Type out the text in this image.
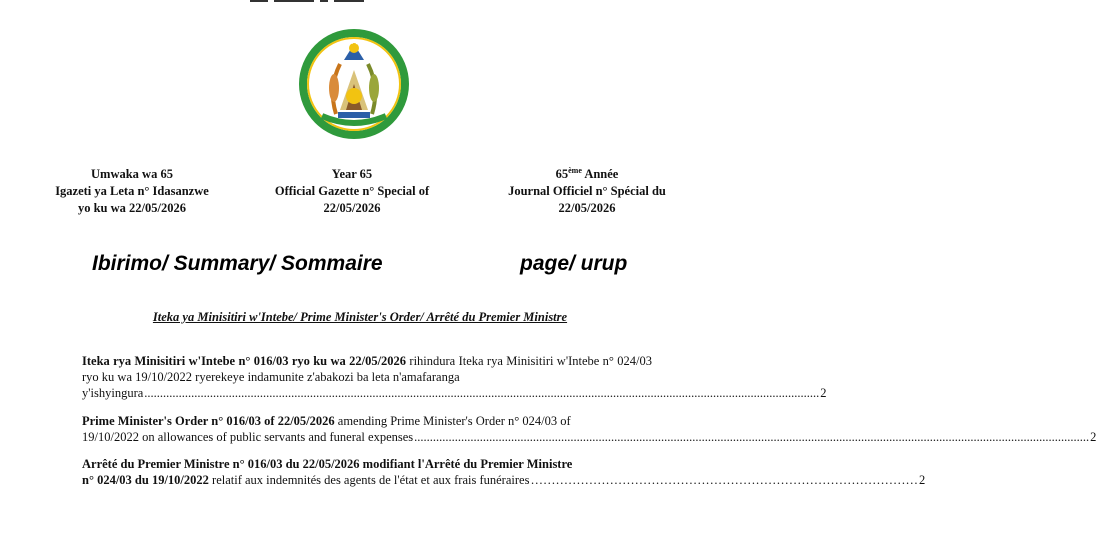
REPUBULIKA Y'U RWANDA
Umwaka wa 65
Igazeti ya Leta n° Idasanzwe
yo ku wa 22/05/2026
Year 65
Official Gazette n° Special of
22/05/2026
65ème Année
Journal Officiel n° Spécial du
22/05/2026
Ibirimo/ Summary/ Sommaire	page/ urup
Iteka ya Minisitiri w'Intebe/ Prime Minister's Order/ Arrêté du Premier Ministre
Iteka rya Minisitiri w'Intebe n° 016/03 ryo ku wa 22/05/2026 rihindura Iteka rya Minisitiri w'Intebe n° 024/03 ryo ku wa 19/10/2022 ryerekeye indamunite z'abakozi ba leta n'amafaranga
y'ishyingura ........................................................................................................................................................................................................................ 2
Prime Minister's Order n° 016/03 of 22/05/2026 amending Prime Minister's Order n° 024/03 of
19/10/2022 on allowances of public servants and funeral expenses ........................................................................................................................................................................................................................ 2
Arrêté du Premier Ministre n° 016/03 du 22/05/2026 modifiant l'Arrêté du Premier Ministre
n° 024/03 du 19/10/2022 relatif aux indemnités des agents de l'état et aux frais funéraires ………………………………………………………………………………… 2
